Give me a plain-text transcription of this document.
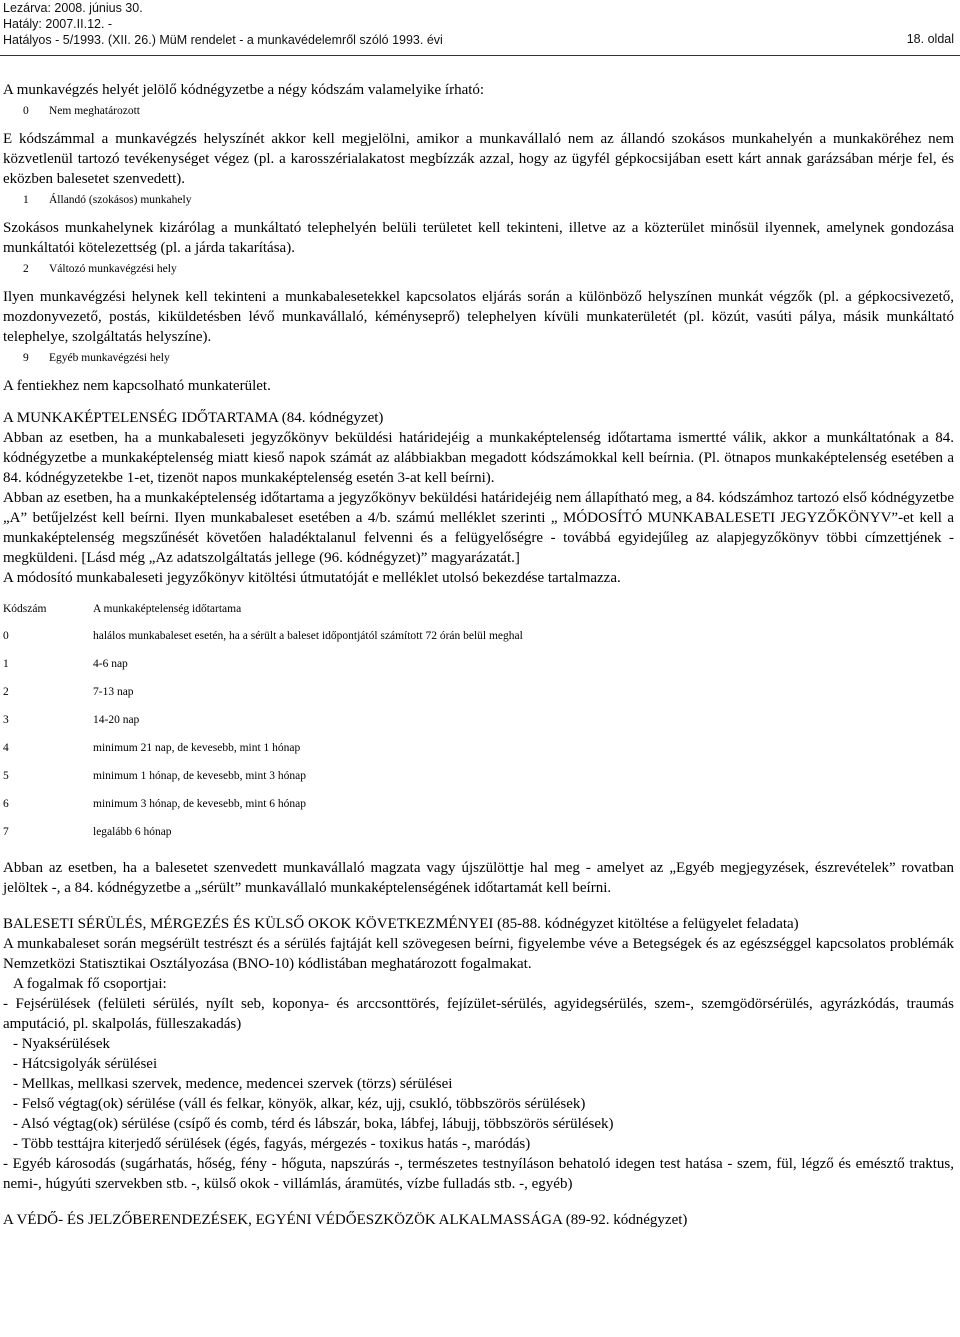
Lezárva: 2008. június 30.
Hatály: 2007.II.12. -
Hatályos - 5/1993. (XII. 26.) MüM rendelet - a munkavédelemről szóló 1993. évi	18. oldal

A munkavégzés helyét jelölő kódnégyzetbe a négy kódszám valamelyike írható:

0	Nem meghatározott

E kódszámmal a munkavégzés helyszínét akkor kell megjelölni, amikor a munkavállaló nem az állandó szokásos munkahelyén a munkaköréhez nem közvetlenül tartozó tevékenységet végez (pl. a karosszérialakatost megbízzák azzal, hogy az ügyfél gépkocsijában esett kárt annak garázsában mérje fel, és eközben balesetet szenvedett).

1	Állandó (szokásos) munkahely

Szokásos munkahelynek kizárólag a munkáltató telephelyén belüli területet kell tekinteni, illetve az a közterület minősül ilyennek, amelynek gondozása munkáltatói kötelezettség (pl. a járda takarítása).

2	Változó munkavégzési hely

Ilyen munkavégzési helynek kell tekinteni a munkabalesetekkel kapcsolatos eljárás során a különböző helyszínen munkát végzők (pl. a gépkocsivezető, mozdonyvezető, postás, kiküldetésben lévő munkavállaló, kéményseprő) telephelyen kívüli munkaterületét (pl. közút, vasúti pálya, másik munkáltató telephelye, szolgáltatás helyszíne).

9	Egyéb munkavégzési hely

A fentiekhez nem kapcsolható munkaterület.

A MUNKAKÉPTELENSÉG IDŐTARTAMA (84. kódnégyzet)

Abban az esetben, ha a munkabaleseti jegyzőkönyv beküldési határidejéig a munkaképtelenség időtartama ismertté válik, akkor a munkáltatónak a 84. kódnégyzetbe a munkaképtelenség miatt kieső napok számát az alábbiakban megadott kódszámokkal kell beírnia. (Pl. ötnapos munkaképtelenség esetében a 84. kódnégyzetekbe 1-et, tizenöt napos munkaképtelenség esetén 3-at kell beírni).

Abban az esetben, ha a munkaképtelenség időtartama a jegyzőkönyv beküldési határidejéig nem állapítható meg, a 84. kódszámhoz tartozó első kódnégyzetbe „A” betűjelzést kell beírni. Ilyen munkabaleset esetében a 4/b. számú melléklet szerinti „ MÓDOSÍTÓ MUNKABALESETI JEGYZŐKÖNYV”-et kell a munkaképtelenség megszűnését követően haladéktalanul felvenni és a felügyelőségre - továbbá egyidejűleg az alapjegyzőkönyv többi címzettjének - megküldeni. [Lásd még „Az adatszolgáltatás jellege (96. kódnégyzet)” magyarázatát.]

A módosító munkabaleseti jegyzőkönyv kitöltési útmutatóját e melléklet utolsó bekezdése tartalmazza.

Kódszám	A munkaképtelenség időtartama
0	halálos munkabaleset esetén, ha a sérült a baleset időpontjától számított 72 órán belül meghal
1	4-6 nap
2	7-13 nap
3	14-20 nap
4	minimum 21 nap, de kevesebb, mint 1 hónap
5	minimum 1 hónap, de kevesebb, mint 3 hónap
6	minimum 3 hónap, de kevesebb, mint 6 hónap
7	legalább 6 hónap

Abban az esetben, ha a balesetet szenvedett munkavállaló magzata vagy újszülöttje hal meg - amelyet az „Egyéb megjegyzések, észrevételek” rovatban jelöltek -, a 84. kódnégyzetbe a „sérült” munkavállaló munkaképtelenségének időtartamát kell beírni.

BALESETI SÉRÜLÉS, MÉRGEZÉS ÉS KÜLSŐ OKOK KÖVETKEZMÉNYEI (85-88. kódnégyzet kitöltése a felügyelet feladata)

A munkabaleset során megsérült testrészt és a sérülés fajtáját kell szövegesen beírni, figyelembe véve a Betegségek és az egészséggel kapcsolatos problémák Nemzetközi Statisztikai Osztályozása (BNO-10) kódlistában meghatározott fogalmakat.

A fogalmak fő csoportjai:

- Fejsérülések (felületi sérülés, nyílt seb, koponya- és arccsonttörés, fejízület-sérülés, agyidegsérülés, szem-, szemgödörsérülés, agyrázkódás, traumás amputáció, pl. skalpolás, fülleszakadás)

- Nyaksérülések

- Hátcsigolyák sérülései

- Mellkas, mellkasi szervek, medence, medencei szervek (törzs) sérülései

- Felső végtag(ok) sérülése (váll és felkar, könyök, alkar, kéz, ujj, csukló, többszörös sérülések)

- Alsó végtag(ok) sérülése (csípő és comb, térd és lábszár, boka, lábfej, lábujj, többszörös sérülések)

- Több testtájra kiterjedő sérülések (égés, fagyás, mérgezés - toxikus hatás -, maródás)

- Egyéb károsodás (sugárhatás, hőség, fény - hőguta, napszúrás -, természetes testnyíláson behatoló idegen test hatása - szem, fül, légző és emésztő traktus, nemi-, húgyúti szervekben stb. -, külső okok - villámlás, áramütés, vízbe fulladás stb. -, egyéb)

A VÉDŐ- ÉS JELZŐBERENDEZÉSEK, EGYÉNI VÉDŐESZKÖZÖK ALKALMASSÁGA (89-92. kódnégyzet)
